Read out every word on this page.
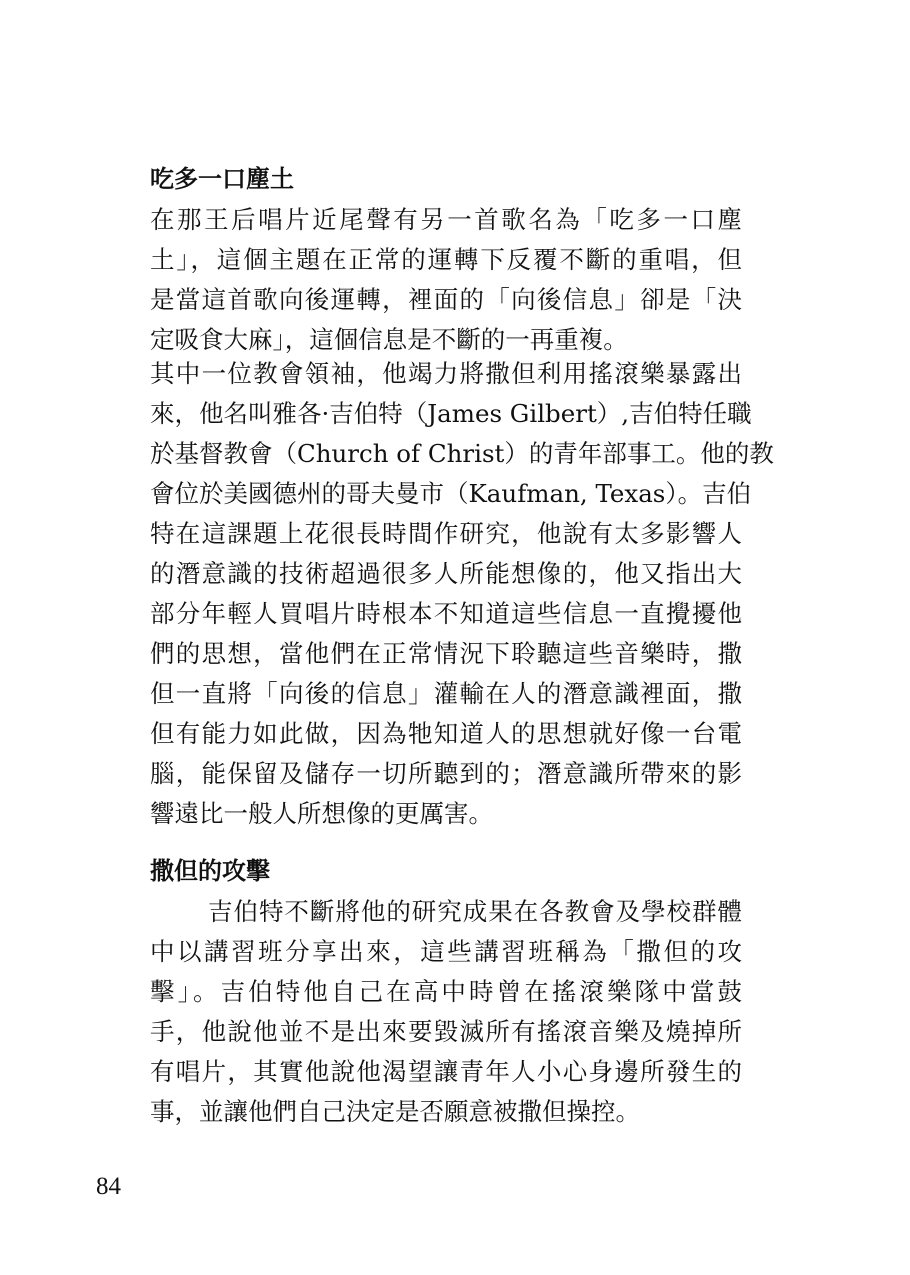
吃多一口塵土
在那王后唱片近尾聲有另一首歌名為「吃多一口塵
土」，這個主題在正常的運轉下反覆不斷的重唱，但
是當這首歌向後運轉，裡面的「向後信息」卻是「決
定吸食大麻」，這個信息是不斷的一再重複。
其中一位教會領袖，他竭力將撒但利用搖滾樂暴露出
來，他名叫雅各·吉伯特（James Gilbert）,吉伯特任職
於基督教會（Church of Christ）的青年部事工。他的教
會位於美國德州的哥夫曼市（Kaufman, Texas）。吉伯
特在這課題上花很長時間作研究，他說有太多影響人
的潛意識的技術超過很多人所能想像的，他又指出大
部分年輕人買唱片時根本不知道這些信息一直攪擾他
們的思想，當他們在正常情況下聆聽這些音樂時，撒
但一直將「向後的信息」灌輸在人的潛意識裡面，撒
但有能力如此做，因為牠知道人的思想就好像一台電
腦，能保留及儲存一切所聽到的；潛意識所帶來的影
響遠比一般人所想像的更厲害。
撒但的攻擊
吉伯特不斷將他的研究成果在各教會及學校群體
中以講習班分享出來，這些講習班稱為「撒但的攻
擊」。吉伯特他自己在高中時曾在搖滾樂隊中當鼓
手，他說他並不是出來要毀滅所有搖滾音樂及燒掉所
有唱片，其實他說他渴望讓青年人小心身邊所發生的
事，並讓他們自己決定是否願意被撒但操控。

84
